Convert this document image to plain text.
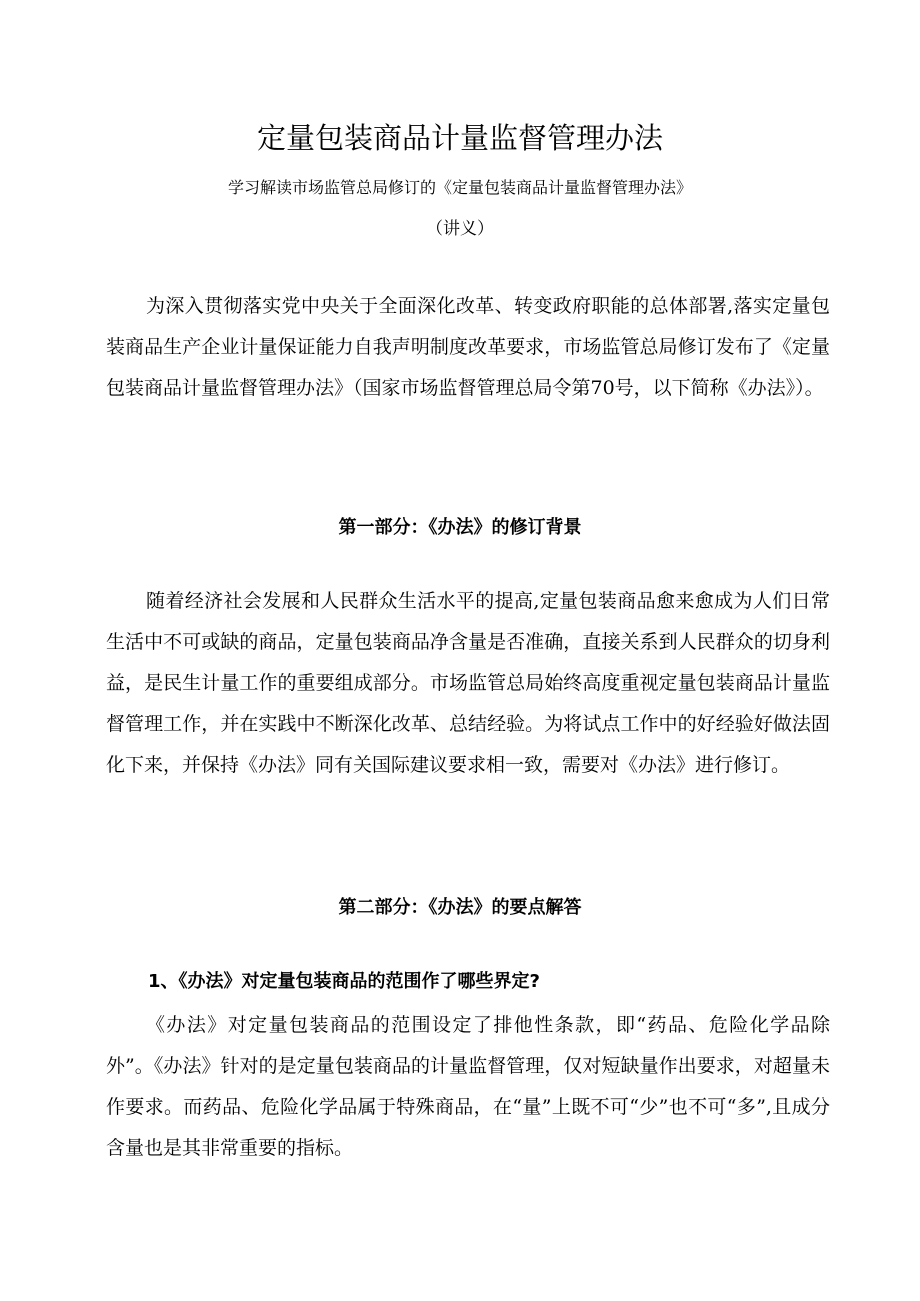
定量包装商品计量监督管理办法
学习解读市场监管总局修订的《定量包装商品计量监督管理办法》
（讲义）
为深入贯彻落实党中央关于全面深化改革、转变政府职能的总体部署,落实定量包装商品生产企业计量保证能力自我声明制度改革要求，市场监管总局修订发布了《定量包装商品计量监督管理办法》（国家市场监督管理总局令第70号，以下简称《办法》）。
第一部分：《办法》的修订背景
随着经济社会发展和人民群众生活水平的提高,定量包装商品愈来愈成为人们日常生活中不可或缺的商品，定量包装商品净含量是否准确，直接关系到人民群众的切身利益，是民生计量工作的重要组成部分。市场监管总局始终高度重视定量包装商品计量监督管理工作，并在实践中不断深化改革、总结经验。为将试点工作中的好经验好做法固化下来，并保持《办法》同有关国际建议要求相一致，需要对《办法》进行修订。
第二部分：《办法》的要点解答
1、《办法》对定量包装商品的范围作了哪些界定?
《办法》对定量包装商品的范围设定了排他性条款，即“药品、危险化学品除外”。《办法》针对的是定量包装商品的计量监督管理，仅对短缺量作出要求，对超量未作要求。而药品、危险化学品属于特殊商品，在“量”上既不可“少”也不可“多”,且成分含量也是其非常重要的指标。
